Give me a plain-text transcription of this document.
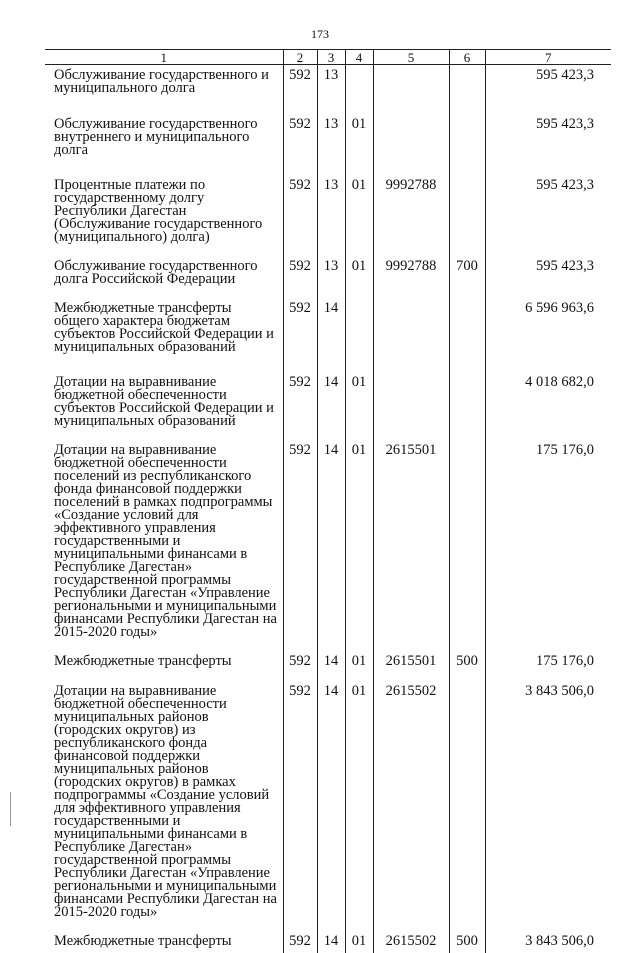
173
1	2	3	4	5	6	7
Обслуживание государственного и муниципального долга	592	13				595 423,3
Обслуживание государственного внутреннего и муниципального долга	592	13	01			595 423,3
Процентные платежи по государственному долгу Республики Дагестан (Обслуживание государственного (муниципального) долга)	592	13	01	9992788		595 423,3
Обслуживание государственного долга Российской Федерации	592	13	01	9992788	700	595 423,3
Межбюджетные трансферты общего характера бюджетам субъектов Российской Федерации и муниципальных образований	592	14				6 596 963,6
Дотации на выравнивание бюджетной обеспеченности субъектов Российской Федерации и муниципальных образований	592	14	01			4 018 682,0
Дотации на выравнивание бюджетной обеспеченности поселений из республиканского фонда финансовой поддержки поселений в рамках подпрограммы «Создание условий для эффективного управления государственными и муниципальными финансами в Республике Дагестан» государственной программы Республики Дагестан «Управление региональными и муниципальными финансами Республики Дагестан на 2015-2020 годы»	592	14	01	2615501		175 176,0
Межбюджетные трансферты	592	14	01	2615501	500	175 176,0
Дотации на выравнивание бюджетной обеспеченности муниципальных районов (городских округов) из республиканского фонда финансовой поддержки муниципальных районов (городских округов) в рамках подпрограммы «Создание условий для эффективного управления государственными и муниципальными финансами в Республике Дагестан» государственной программы Республики Дагестан «Управление региональными и муниципальными финансами Республики Дагестан на 2015-2020 годы»	592	14	01	2615502		3 843 506,0
Межбюджетные трансферты	592	14	01	2615502	500	3 843 506,0
